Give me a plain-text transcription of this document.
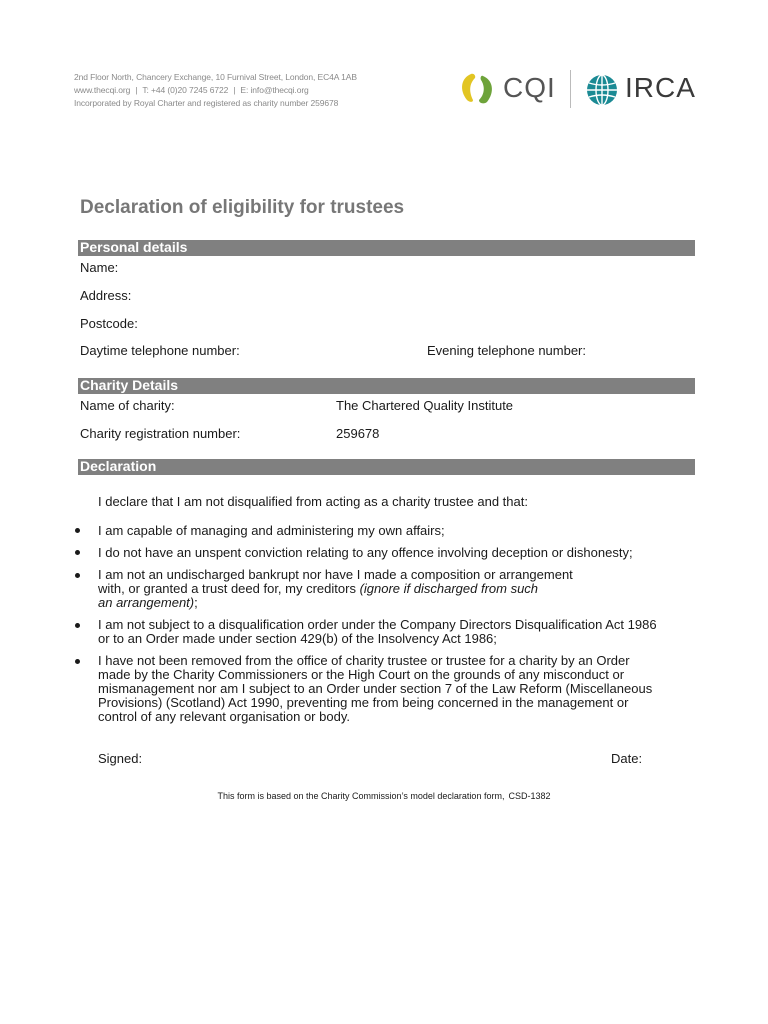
2nd Floor North, Chancery Exchange, 10 Furnival Street, London, EC4A 1AB
www.thecqi.org | T: +44 (0)20 7245 6722 | E: info@thecqi.org
Incorporated by Royal Charter and registered as charity number 259678	CQI IRCA
Declaration of eligibility for trustees
Personal details
Name:
Address:
Postcode:
Daytime telephone number:	Evening telephone number:
Charity Details
Name of charity:	The Chartered Quality Institute
Charity registration number:	259678
Declaration
I declare that I am not disqualified from acting as a charity trustee and that:
I am capable of managing and administering my own affairs;
I do not have an unspent conviction relating to any offence involving deception or dishonesty;
I am not an undischarged bankrupt nor have I made a composition or arrangement
with, or granted a trust deed for, my creditors (ignore if discharged from such
an arrangement);
I am not subject to a disqualification order under the Company Directors Disqualification Act 1986
or to an Order made under section 429(b) of the Insolvency Act 1986;
I have not been removed from the office of charity trustee or trustee for a charity by an Order
made by the Charity Commissioners or the High Court on the grounds of any misconduct or
mismanagement nor am I subject to an Order under section 7 of the Law Reform (Miscellaneous
Provisions) (Scotland) Act 1990, preventing me from being concerned in the management or
control of any relevant organisation or body.
Signed:	Date:
This form is based on the Charity Commission’s model declaration form, CSD-1382
